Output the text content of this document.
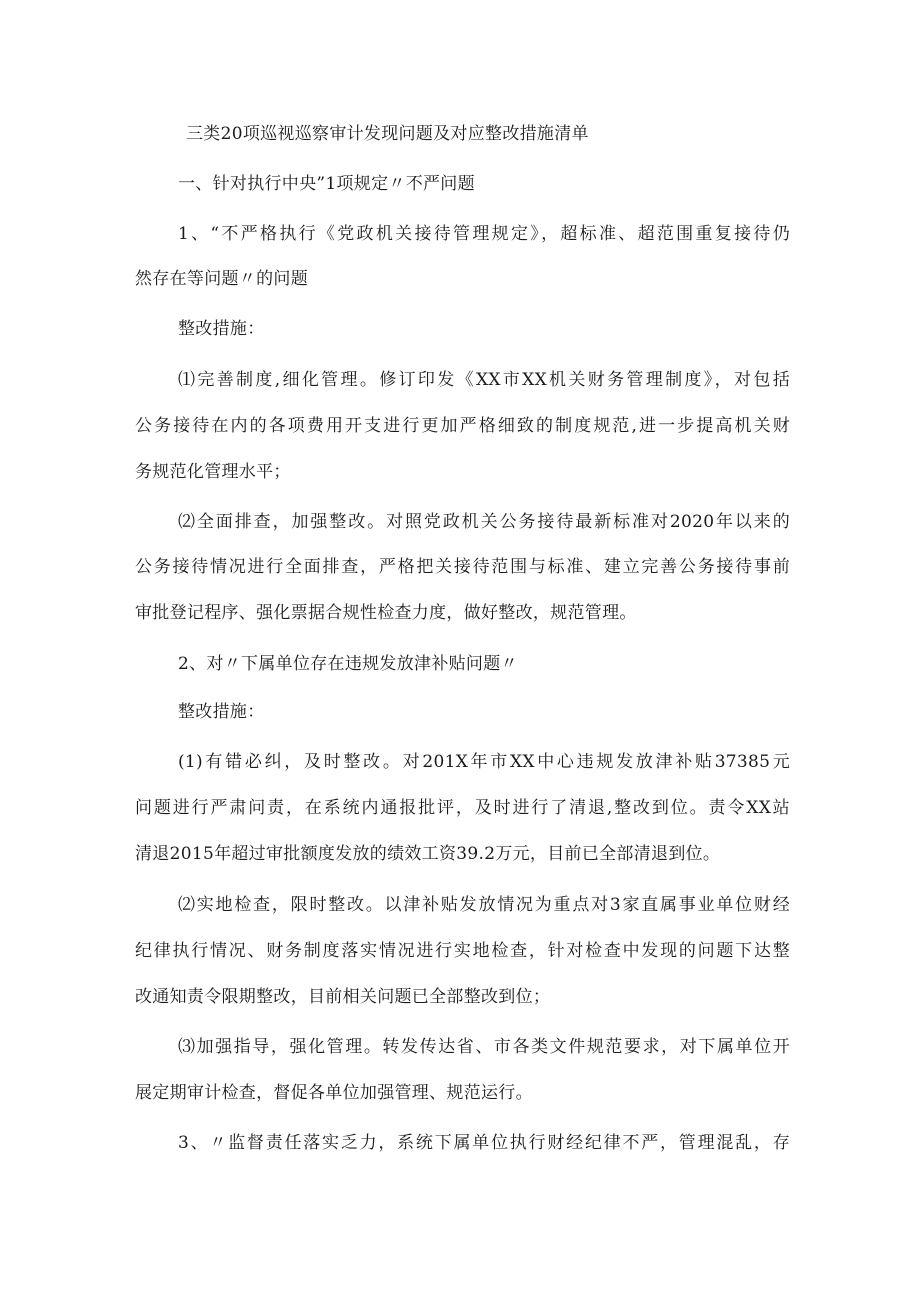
三类20项巡视巡察审计发现问题及对应整改措施清单
一、针对执行中央”1项规定〃不严问题
1、“不严格执行《党政机关接待管理规定》，超标准、超范围重复接待仍
然存在等问题〃的问题
整改措施：
⑴完善制度,细化管理。修订印发《XX市XX机关财务管理制度》，对包括
公务接待在内的各项费用开支进行更加严格细致的制度规范,进一步提高机关财
务规范化管理水平；
⑵全面排查，加强整改。对照党政机关公务接待最新标准对2020年以来的
公务接待情况进行全面排查，严格把关接待范围与标准、建立完善公务接待事前
审批登记程序、强化票据合规性检查力度，做好整改，规范管理。
2、对〃下属单位存在违规发放津补贴问题〃
整改措施：
(1)有错必纠，及时整改。对201X年市XX中心违规发放津补贴37385元
问题进行严肃问责，在系统内通报批评，及时进行了清退,整改到位。责令XX站
清退2015年超过审批额度发放的绩效工资39.2万元，目前已全部清退到位。
⑵实地检查，限时整改。以津补贴发放情况为重点对3家直属事业单位财经
纪律执行情况、财务制度落实情况进行实地检查，针对检查中发现的问题下达整
改通知责令限期整改，目前相关问题已全部整改到位；
⑶加强指导，强化管理。转发传达省、市各类文件规范要求，对下属单位开
展定期审计检查，督促各单位加强管理、规范运行。
3、〃监督责任落实乏力，系统下属单位执行财经纪律不严，管理混乱，存
